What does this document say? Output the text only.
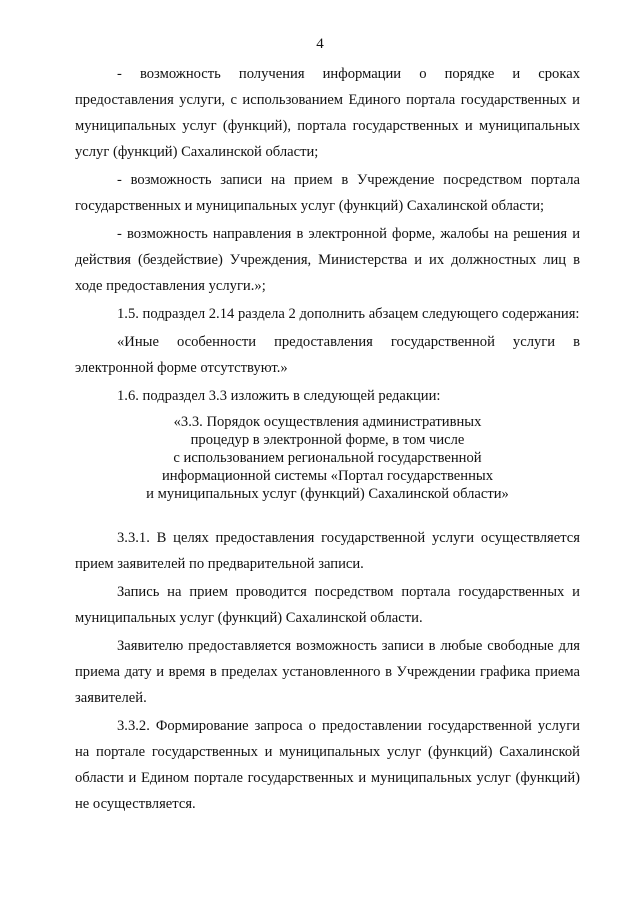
4

- возможность получения информации о порядке и сроках предоставления услуги, с использованием Единого портала государственных и муниципальных услуг (функций), портала государственных и муниципальных услуг (функций) Сахалинской области;

- возможность записи на прием в Учреждение посредством портала государственных и муниципальных услуг (функций) Сахалинской области;

- возможность направления в электронной форме, жалобы на решения и действия (бездействие) Учреждения, Министерства и их должностных лиц в ходе предоставления услуги.»;

1.5. подраздел 2.14 раздела 2 дополнить абзацем следующего содержания:

«Иные особенности предоставления государственной услуги в электронной форме отсутствуют.»

1.6. подраздел 3.3 изложить в следующей редакции:

«3.3. Порядок осуществления административных
процедур в электронной форме, в том числе
с использованием региональной государственной
информационной системы «Портал государственных
и муниципальных услуг (функций) Сахалинской области»

3.3.1. В целях предоставления государственной услуги осуществляется прием заявителей по предварительной записи.

Запись на прием проводится посредством портала государственных и муниципальных услуг (функций) Сахалинской области.

Заявителю предоставляется возможность записи в любые свободные для приема дату и время в пределах установленного в Учреждении графика приема заявителей.

3.3.2. Формирование запроса о предоставлении государственной услуги на портале государственных и муниципальных услуг (функций) Сахалинской области и Едином портале государственных и муниципальных услуг (функций) не осуществляется.
